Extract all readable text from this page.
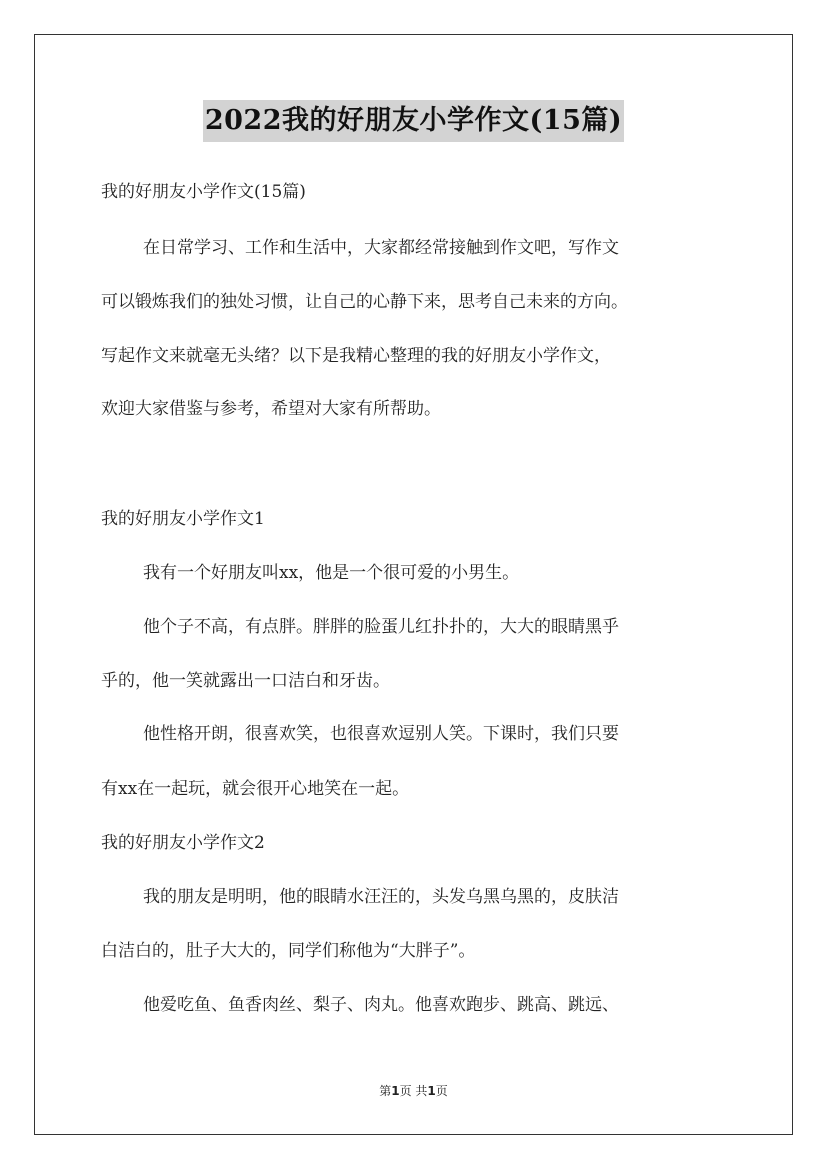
2022我的好朋友小学作文(15篇)
我的好朋友小学作文(15篇)
在日常学习、工作和生活中，大家都经常接触到作文吧，写作文
可以锻炼我们的独处习惯，让自己的心静下来，思考自己未来的方向。
写起作文来就毫无头绪？以下是我精心整理的我的好朋友小学作文，
欢迎大家借鉴与参考，希望对大家有所帮助。
我的好朋友小学作文1
我有一个好朋友叫xx，他是一个很可爱的小男生。
他个子不高，有点胖。胖胖的脸蛋儿红扑扑的，大大的眼睛黑乎
乎的，他一笑就露出一口洁白和牙齿。
他性格开朗，很喜欢笑，也很喜欢逗别人笑。下课时，我们只要
有xx在一起玩，就会很开心地笑在一起。
我的好朋友小学作文2
我的朋友是明明，他的眼睛水汪汪的，头发乌黑乌黑的，皮肤洁
白洁白的，肚子大大的，同学们称他为“大胖子”。
他爱吃鱼、鱼香肉丝、梨子、肉丸。他喜欢跑步、跳高、跳远、
第1页 共1页
